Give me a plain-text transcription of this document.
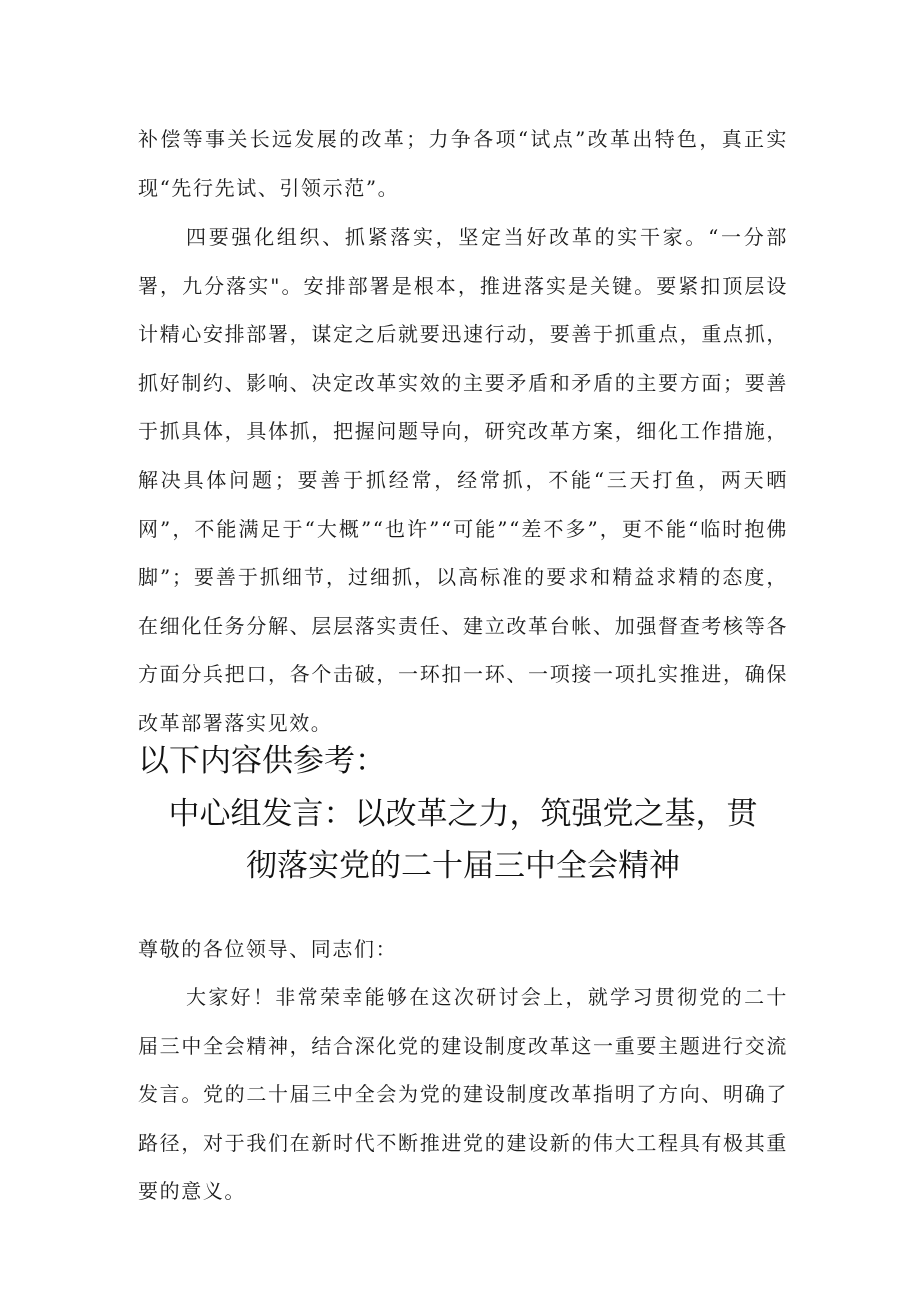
补偿等事关长远发展的改革；力争各项“试点”改革出特色，真正实现“先行先试、引领示范”。

四要强化组织、抓紧落实，坚定当好改革的实干家。“一分部署，九分落实"。安排部署是根本，推进落实是关键。要紧扣顶层设计精心安排部署，谋定之后就要迅速行动，要善于抓重点，重点抓，抓好制约、影响、决定改革实效的主要矛盾和矛盾的主要方面；要善于抓具体，具体抓，把握问题导向，研究改革方案，细化工作措施，解决具体问题；要善于抓经常，经常抓，不能“三天打鱼，两天晒网”，不能满足于“大概”“也许”“可能”“差不多”，更不能“临时抱佛脚”；要善于抓细节，过细抓，以高标准的要求和精益求精的态度，在细化任务分解、层层落实责任、建立改革台帐、加强督查考核等各方面分兵把口，各个击破，一环扣一环、一项接一项扎实推进，确保改革部署落实见效。

以下内容供参考：
中心组发言：以改革之力，筑强党之基，贯
彻落实党的二十届三中全会精神

尊敬的各位领导、同志们：

大家好！非常荣幸能够在这次研讨会上，就学习贯彻党的二十届三中全会精神，结合深化党的建设制度改革这一重要主题进行交流发言。党的二十届三中全会为党的建设制度改革指明了方向、明确了路径，对于我们在新时代不断推进党的建设新的伟大工程具有极其重要的意义。
